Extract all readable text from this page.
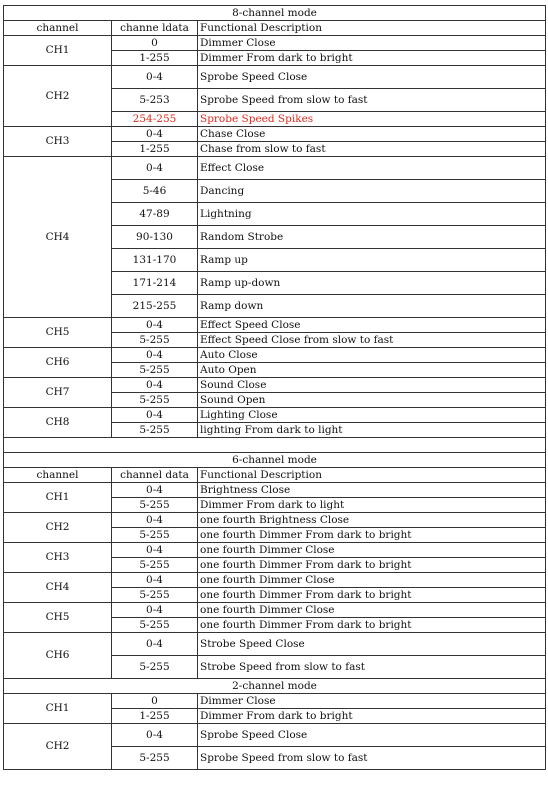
8-channel mode		
channel	channe ldata	Functional Description
CH1	0	Dimmer Close
	1-255	Dimmer From dark to bright
CH2	0-4	Sprobe Speed Close
	5-253	Sprobe Speed from slow to fast
	254-255	Sprobe Speed Spikes
CH3	0-4	Chase Close
	1-255	Chase from slow to fast
CH4	0-4	Effect Close
	5-46	Dancing
	47-89	Lightning
	90-130	Random Strobe
	131-170	Ramp up
	171-214	Ramp up-down
	215-255	Ramp down
CH5	0-4	Effect Speed Close
	5-255	Effect Speed Close from slow to fast
CH6	0-4	Auto Close
	5-255	Auto Open
CH7	0-4	Sound Close
	5-255	Sound Open
CH8	0-4	Lighting Close
	5-255	lighting From dark to light

6-channel mode		
channel	channel data	Functional Description
CH1	0-4	Brightness Close
	5-255	Dimmer From dark to light
CH2	0-4	one fourth Brightness Close
	5-255	one fourth Dimmer From dark to bright
CH3	0-4	one fourth Dimmer Close
	5-255	one fourth Dimmer From dark to bright
CH4	0-4	one fourth Dimmer Close
	5-255	one fourth Dimmer From dark to bright
CH5	0-4	one fourth Dimmer Close
	5-255	one fourth Dimmer From dark to bright
CH6	0-4	Strobe Speed Close
	5-255	Strobe Speed from slow to fast
2-channel mode		
CH1	0	Dimmer Close
	1-255	Dimmer From dark to bright
CH2	0-4	Sprobe Speed Close
	5-255	Sprobe Speed from slow to fast
